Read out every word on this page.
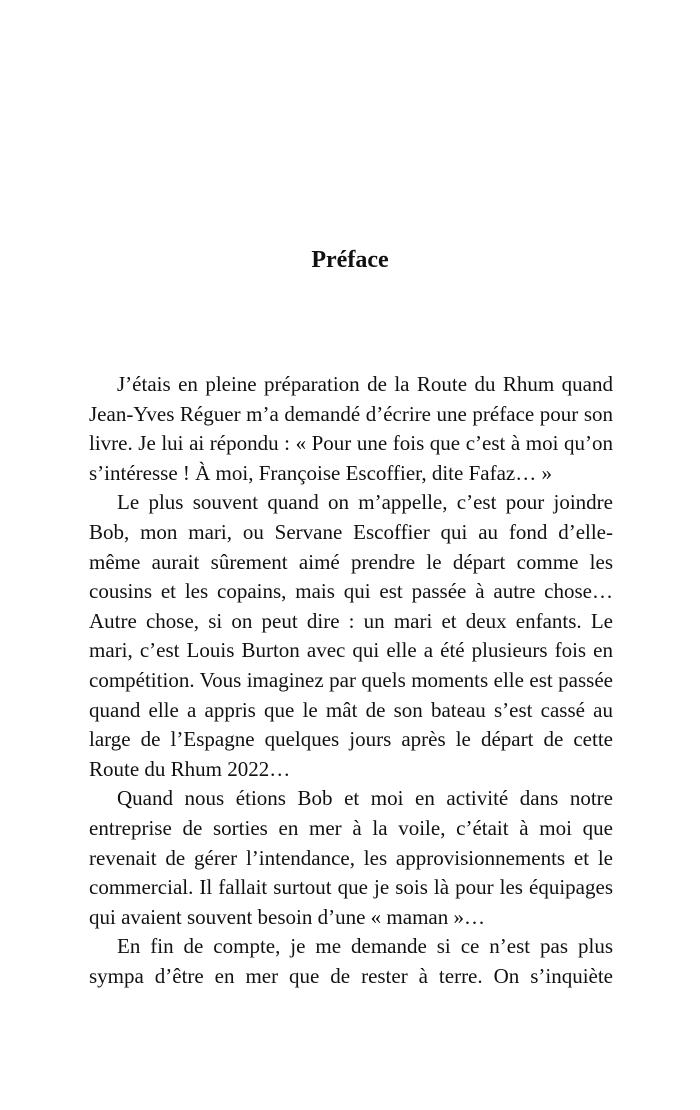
Préface

J’étais en pleine préparation de la Route du Rhum quand Jean-Yves Réguer m’a demandé d’écrire une préface pour son livre. Je lui ai répondu : « Pour une fois que c’est à moi qu’on s’intéresse ! À moi, Françoise Escoffier, dite Fafaz… »

Le plus souvent quand on m’appelle, c’est pour joindre Bob, mon mari, ou Servane Escoffier qui au fond d’elle-même aurait sûrement aimé prendre le départ comme les cousins et les copains, mais qui est passée à autre chose… Autre chose, si on peut dire : un mari et deux enfants. Le mari, c’est Louis Burton avec qui elle a été plusieurs fois en compétition. Vous imaginez par quels moments elle est passée quand elle a appris que le mât de son bateau s’est cassé au large de l’Espagne quelques jours après le départ de cette Route du Rhum 2022…

Quand nous étions Bob et moi en activité dans notre entreprise de sorties en mer à la voile, c’était à moi que revenait de gérer l’intendance, les approvisionnements et le commercial. Il fallait surtout que je sois là pour les équipages qui avaient souvent besoin d’une « maman »…

En fin de compte, je me demande si ce n’est pas plus sympa d’être en mer que de rester à terre. On s’inquiète
